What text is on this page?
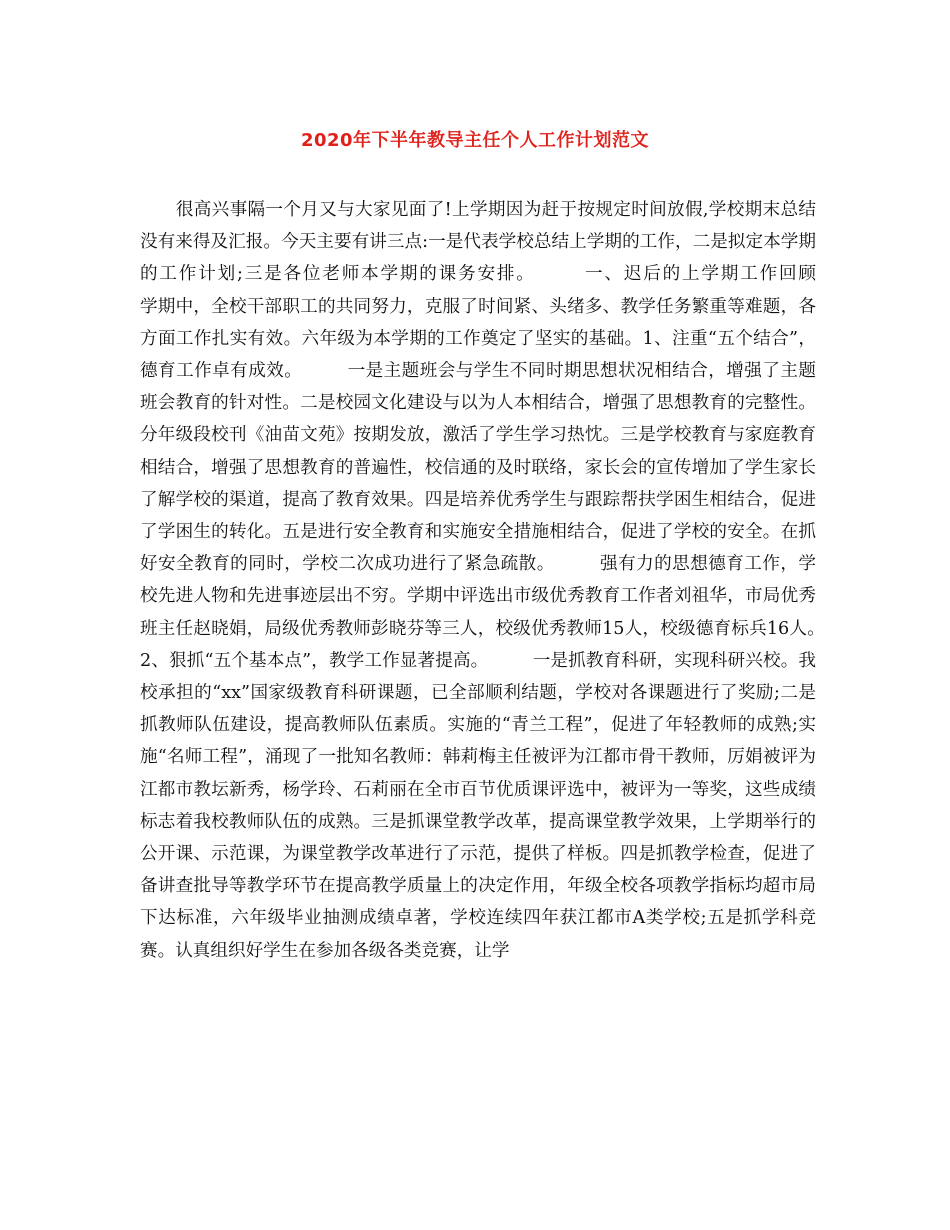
2020年下半年教导主任个人工作计划范文

　　很高兴事隔一个月又与大家见面了!上学期因为赶于按规定时间放假,学校期末总结没有来得及汇报。今天主要有讲三点:一是代表学校总结上学期的工作，二是拟定本学期的工作计划;三是各位老师本学期的课务安排。　　　一、迟后的上学期工作回顾　　　学期中，全校干部职工的共同努力，克服了时间紧、头绪多、教学任务繁重等难题，各方面工作扎实有效。六年级为本学期的工作奠定了坚实的基础。1、注重“五个结合”，德育工作卓有成效。　　　一是主题班会与学生不同时期思想状况相结合，增强了主题班会教育的针对性。二是校园文化建设与以为人本相结合，增强了思想教育的完整性。分年级段校刊《油苗文苑》按期发放，激活了学生学习热忱。三是学校教育与家庭教育相结合，增强了思想教育的普遍性，校信通的及时联络，家长会的宣传增加了学生家长了解学校的渠道，提高了教育效果。四是培养优秀学生与跟踪帮扶学困生相结合，促进了学困生的转化。五是进行安全教育和实施安全措施相结合，促进了学校的安全。在抓好安全教育的同时，学校二次成功进行了紧急疏散。　　　强有力的思想德育工作，学校先进人物和先进事迹层出不穷。学期中评选出市级优秀教育工作者刘祖华，市局优秀班主任赵晓娟，局级优秀教师彭晓芬等三人，校级优秀教师15人，校级德育标兵16人。　　　2、狠抓“五个基本点”，教学工作显著提高。　　　一是抓教育科研，实现科研兴校。我校承担的“xx”国家级教育科研课题，已全部顺利结题，学校对各课题进行了奖励;二是抓教师队伍建设，提高教师队伍素质。实施的“青兰工程”，促进了年轻教师的成熟;实施“名师工程”，涌现了一批知名教师：韩莉梅主任被评为江都市骨干教师，厉娟被评为江都市教坛新秀，杨学玲、石莉丽在全市百节优质课评选中，被评为一等奖，这些成绩标志着我校教师队伍的成熟。三是抓课堂教学改革，提高课堂教学效果，上学期举行的公开课、示范课，为课堂教学改革进行了示范，提供了样板。四是抓教学检查，促进了备讲查批导等教学环节在提高教学质量上的决定作用，年级全校各项教学指标均超市局下达标准，六年级毕业抽测成绩卓著，学校连续四年获江都市A类学校;五是抓学科竞赛。认真组织好学生在参加各级各类竞赛，让学
